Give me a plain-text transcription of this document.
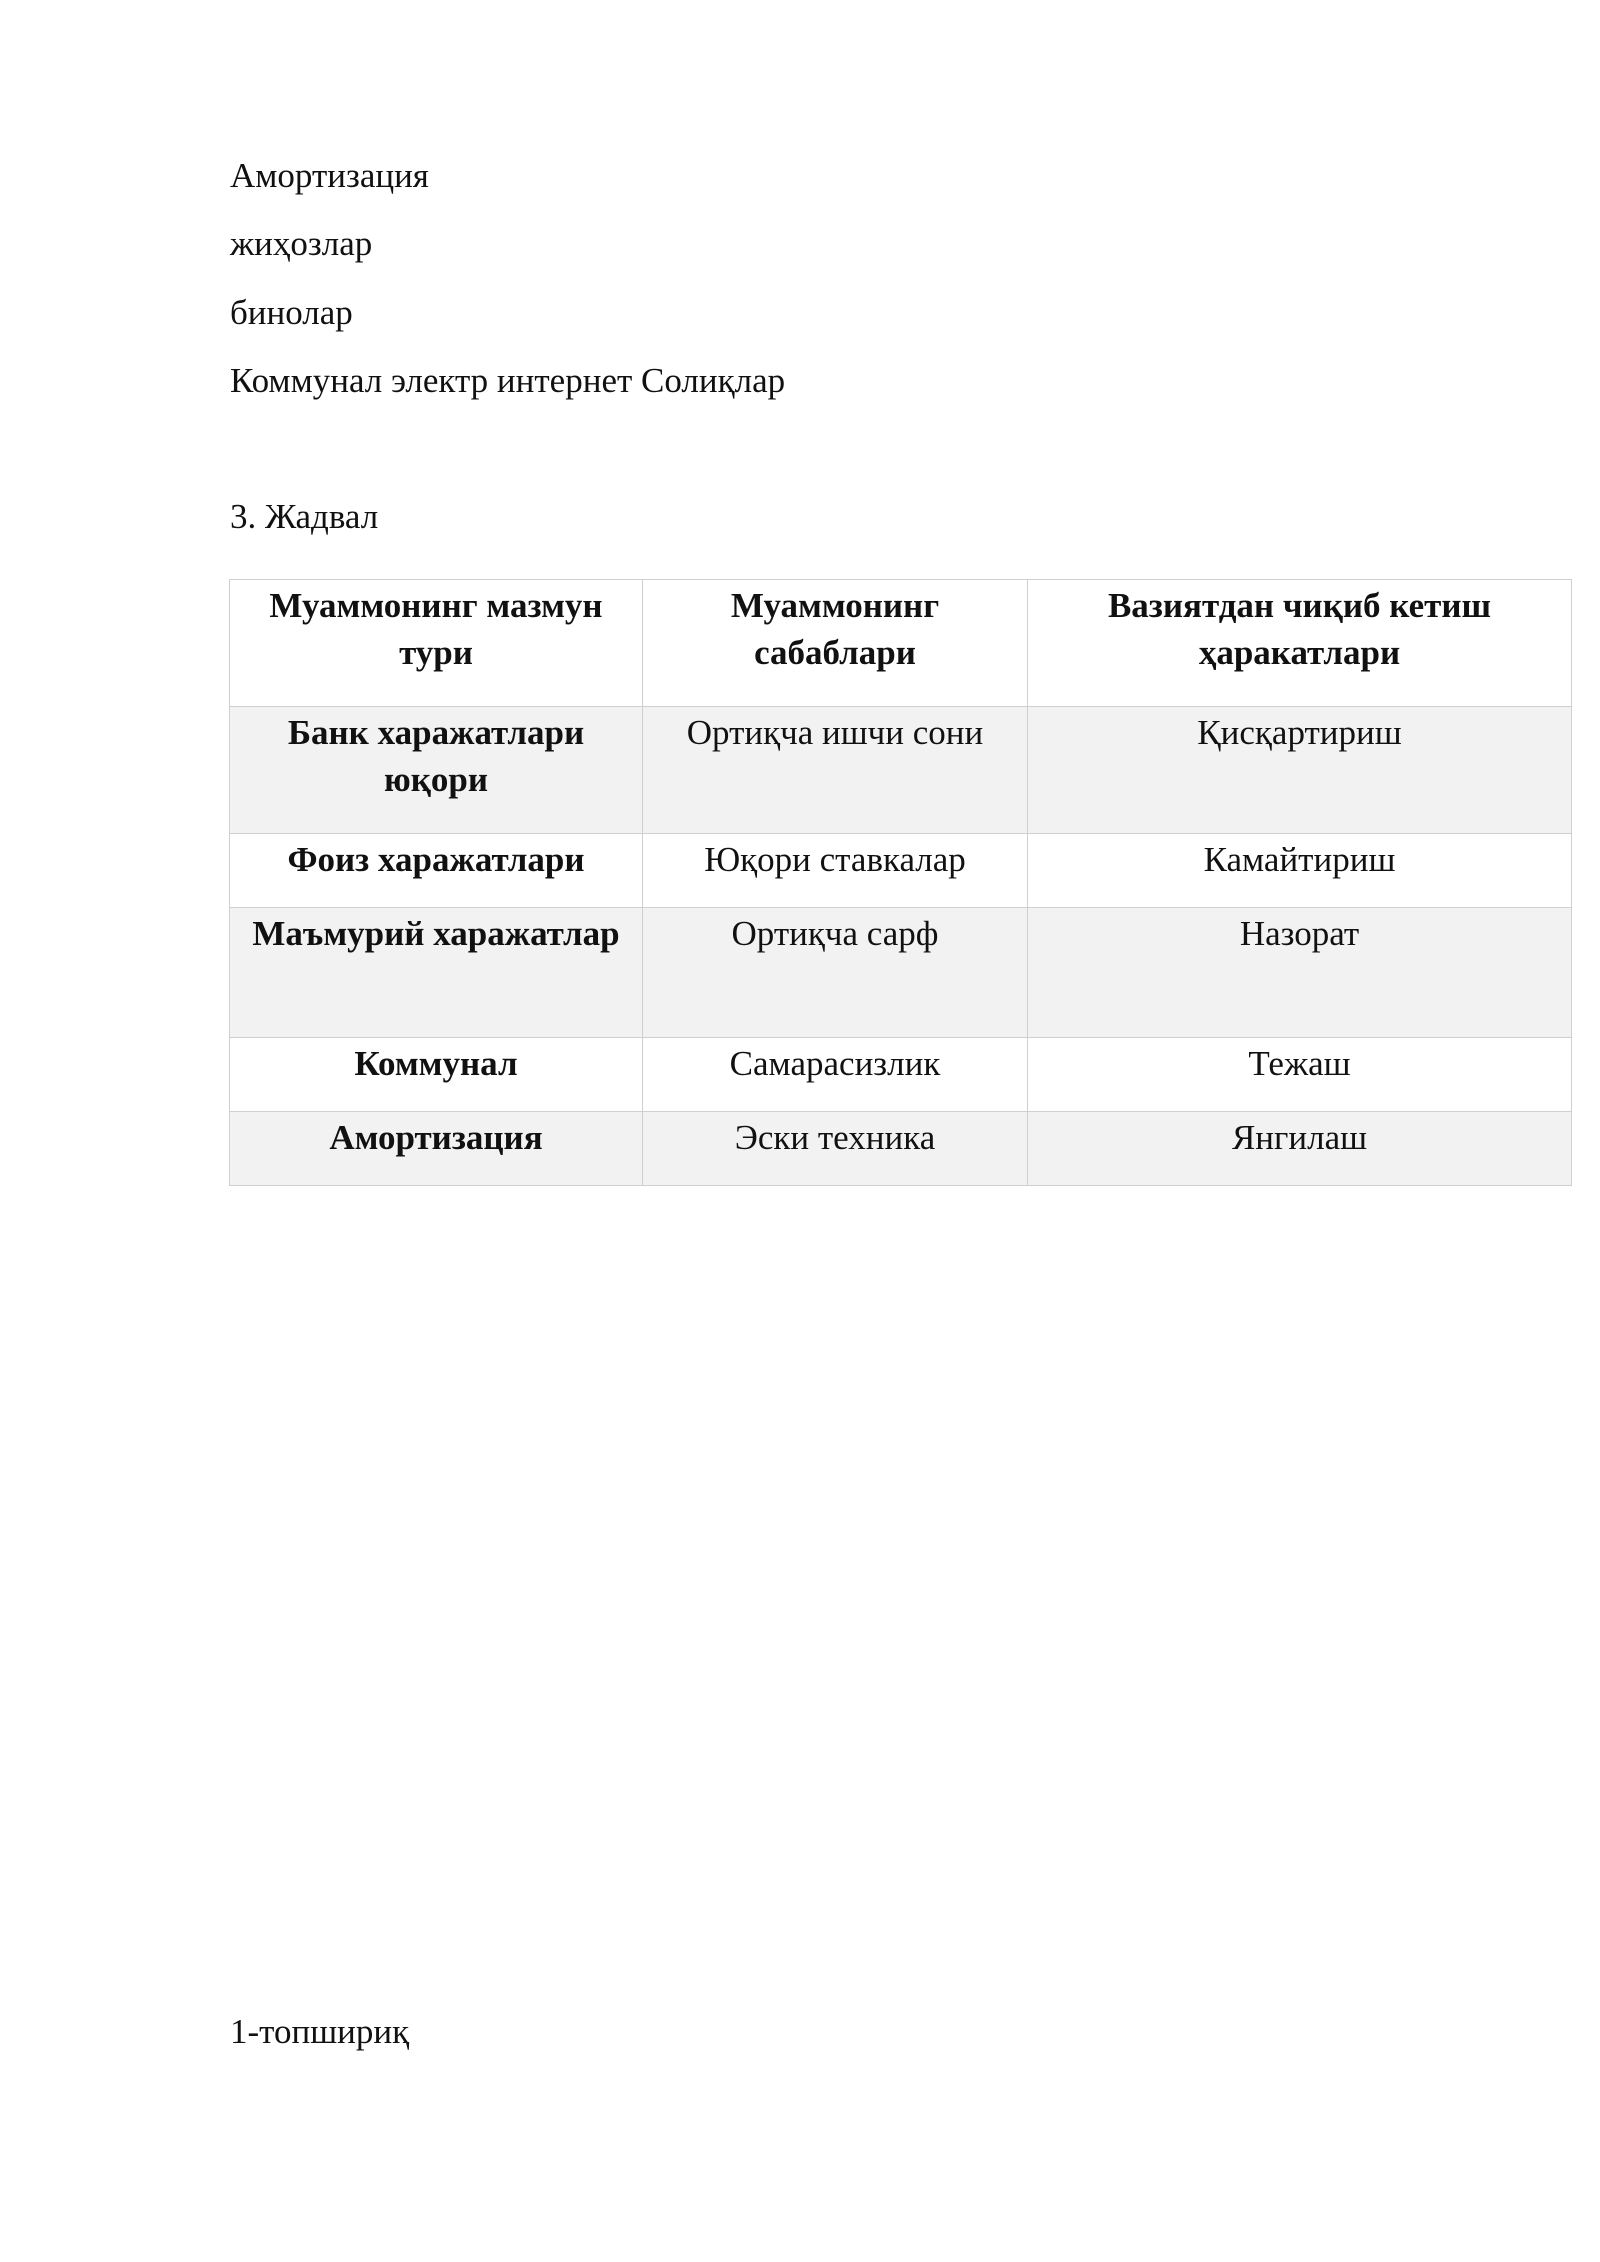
Амортизация

жиҳозлар

бинолар

Коммунал электр интернет Солиқлар

3. Жадвал

Муаммонинг мазмун тури	Муаммонинг сабаблари	Вазиятдан чиқиб кетиш ҳаракатлари
Банк харажатлари юқори	Ортиқча ишчи сони	Қисқартириш
Фоиз харажатлари	Юқори ставкалар	Камайтириш
Маъмурий харажатлар	Ортиқча сарф	Назорат
Коммунал	Самарасизлик	Тежаш
Амортизация	Эски техника	Янгилаш

1-топшириқ
